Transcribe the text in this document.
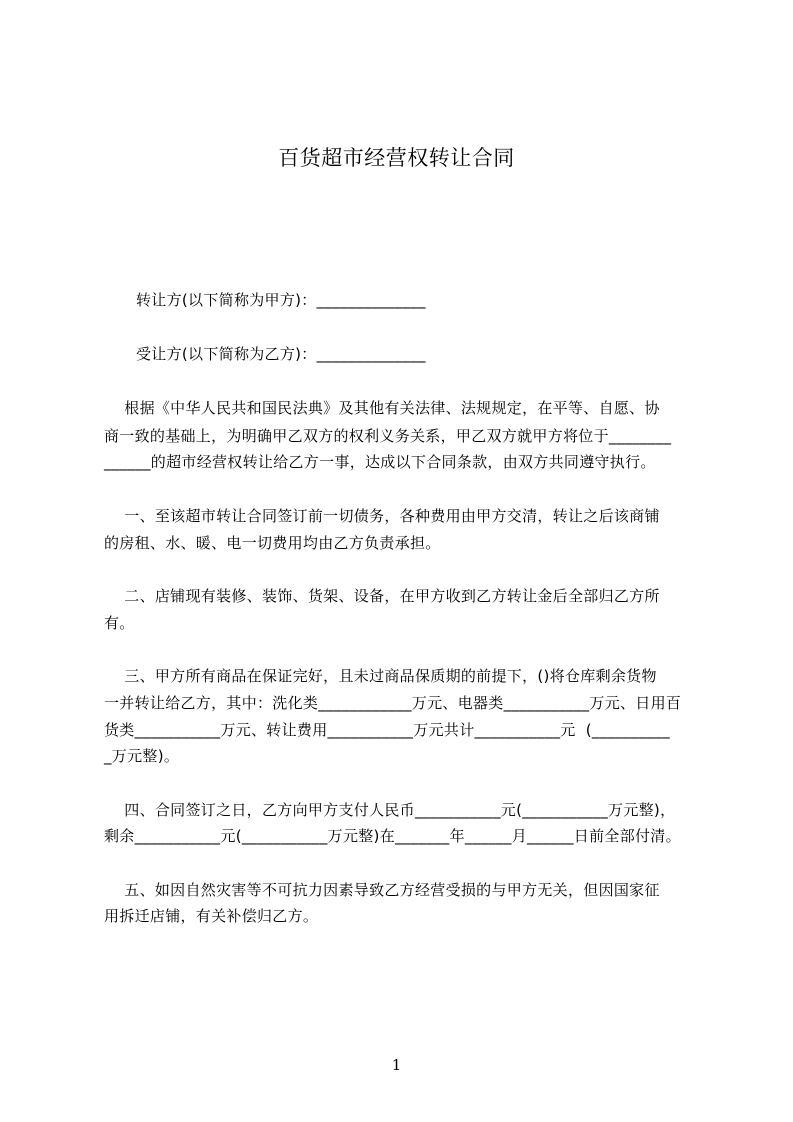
百货超市经营权转让合同
转让方(以下简称为甲方)：______________
受让方(以下简称为乙方)：______________
根据《中华人民共和国民法典》及其他有关法律、法规规定，在平等、自愿、协
商一致的基础上，为明确甲乙双方的权利义务关系，甲乙双方就甲方将位于________
______的超市经营权转让给乙方一事，达成以下合同条款，由双方共同遵守执行。
一、至该超市转让合同签订前一切债务，各种费用由甲方交清，转让之后该商铺
的房租、水、暖、电一切费用均由乙方负责承担。
二、店铺现有装修、装饰、货架、设备，在甲方收到乙方转让金后全部归乙方所
有。
三、甲方所有商品在保证完好，且未过商品保质期的前提下，()将仓库剩余货物
一并转让给乙方，其中：洗化类____________万元、电器类___________万元、日用百
货类___________万元、转让费用___________万元共计___________元  (__________
_万元整)。
四、合同签订之日，乙方向甲方支付人民币___________元(___________万元整)，
剩余___________元(___________万元整)在_______年______月______日前全部付清。
五、如因自然灾害等不可抗力因素导致乙方经营受损的与甲方无关，但因国家征
用拆迁店铺，有关补偿归乙方。
1
